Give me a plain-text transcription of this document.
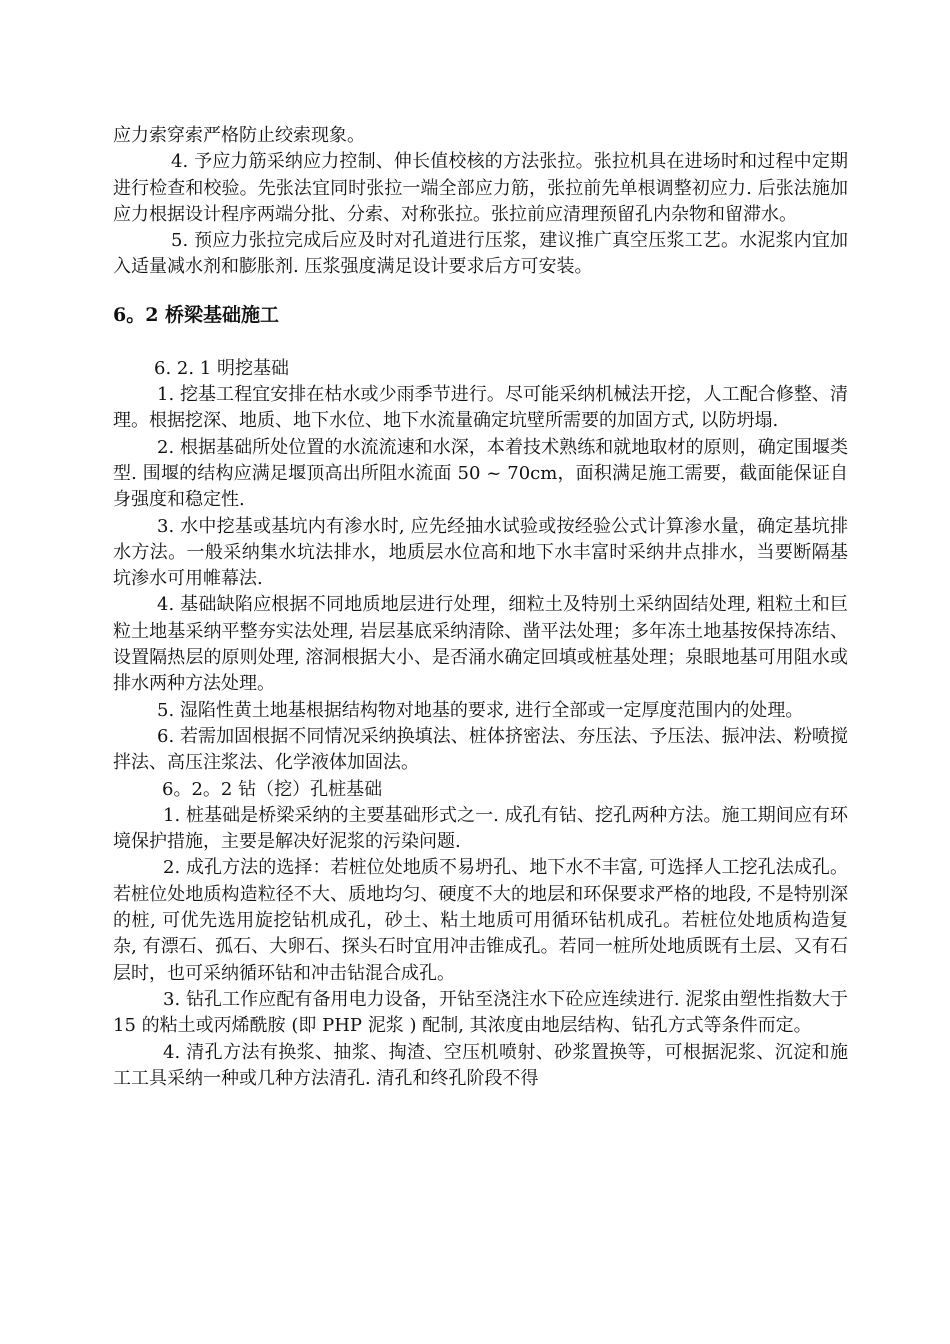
应力索穿索严格防止绞索现象。

4. 予应力筋采纳应力控制、伸长值校核的方法张拉。张拉机具在进场时和过程中定期进行检查和校验。先张法宜同时张拉一端全部应力筋，张拉前先单根调整初应力. 后张法施加应力根据设计程序两端分批、分索、对称张拉。张拉前应清理预留孔内杂物和留滞水。

5. 预应力张拉完成后应及时对孔道进行压浆，建议推广真空压浆工艺。水泥浆内宜加入适量减水剂和膨胀剂. 压浆强度满足设计要求后方可安装。

6。2 桥梁基础施工

6. 2. 1 明挖基础

1. 挖基工程宜安排在枯水或少雨季节进行。尽可能采纳机械法开挖，人工配合修整、清理。根据挖深、地质、地下水位、地下水流量确定坑壁所需要的加固方式, 以防坍塌.

2. 根据基础所处位置的水流流速和水深，本着技术熟练和就地取材的原则，确定围堰类型. 围堰的结构应满足堰顶高出所阻水流面 50 ~ 70cm，面积满足施工需要，截面能保证自身强度和稳定性.

3. 水中挖基或基坑内有渗水时, 应先经抽水试验或按经验公式计算渗水量，确定基坑排水方法。一般采纳集水坑法排水，地质层水位高和地下水丰富时采纳井点排水，当要断隔基坑渗水可用帷幕法.

4. 基础缺陷应根据不同地质地层进行处理，细粒土及特别土采纳固结处理, 粗粒土和巨粒土地基采纳平整夯实法处理, 岩层基底采纳清除、凿平法处理；多年冻土地基按保持冻结、设置隔热层的原则处理, 溶洞根据大小、是否涌水确定回填或桩基处理；泉眼地基可用阻水或排水两种方法处理。

5. 湿陷性黄土地基根据结构物对地基的要求, 进行全部或一定厚度范围内的处理。

6. 若需加固根据不同情况采纳换填法、桩体挤密法、夯压法、予压法、振冲法、粉喷搅拌法、高压注浆法、化学液体加固法。

6。2。2 钻（挖）孔桩基础

1. 桩基础是桥梁采纳的主要基础形式之一. 成孔有钻、挖孔两种方法。施工期间应有环境保护措施，主要是解决好泥浆的污染问题.

2. 成孔方法的选择：若桩位处地质不易坍孔、地下水不丰富, 可选择人工挖孔法成孔。若桩位处地质构造粒径不大、质地均匀、硬度不大的地层和环保要求严格的地段, 不是特别深的桩, 可优先选用旋挖钻机成孔，砂土、粘土地质可用循环钻机成孔。若桩位处地质构造复杂, 有漂石、孤石、大卵石、探头石时宜用冲击锥成孔。若同一桩所处地质既有土层、又有石层时，也可采纳循环钻和冲击钻混合成孔。

3. 钻孔工作应配有备用电力设备，开钻至浇注水下砼应连续进行. 泥浆由塑性指数大于 15 的粘土或丙烯酰胺 (即 PHP 泥浆 ) 配制, 其浓度由地层结构、钻孔方式等条件而定。

4. 清孔方法有换浆、抽浆、掏渣、空压机喷射、砂浆置换等，可根据泥浆、沉淀和施工工具采纳一种或几种方法清孔. 清孔和终孔阶段不得
